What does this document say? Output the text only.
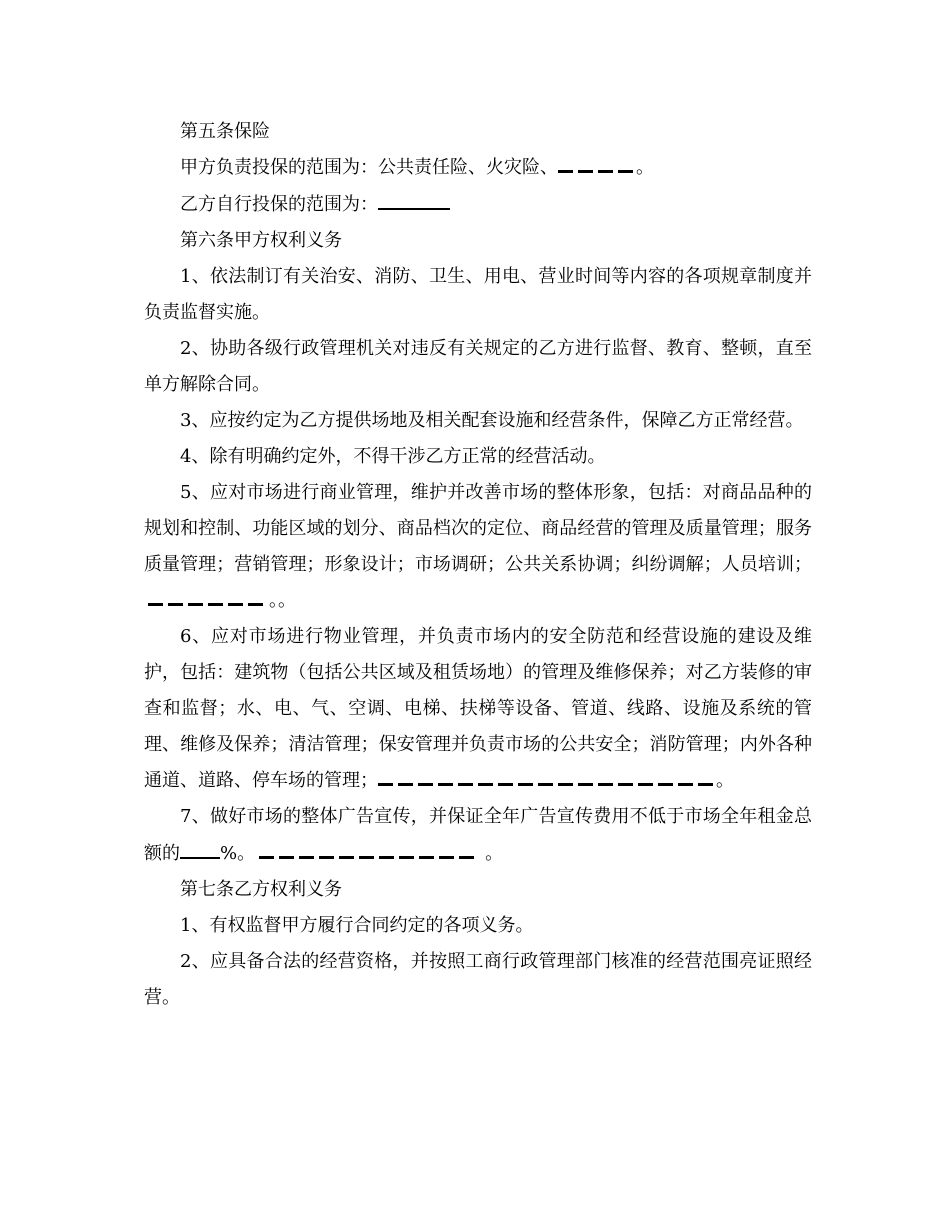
第五条保险

甲方负责投保的范围为：公共责任险、火灾险、	。

乙方自行投保的范围为：

第六条甲方权利义务

1、依法制订有关治安、消防、卫生、用电、营业时间等内容的各项规章制度并负责监督实施。

2、协助各级行政管理机关对违反有关规定的乙方进行监督、教育、整顿，直至单方解除合同。

3、应按约定为乙方提供场地及相关配套设施和经营条件，保障乙方正常经营。

4、除有明确约定外，不得干涉乙方正常的经营活动。

5、应对市场进行商业管理，维护并改善市场的整体形象，包括：对商品品种的规划和控制、功能区域的划分、商品档次的定位、商品经营的管理及质量管理；服务质量管理；营销管理；形象设计；市场调研；公共关系协调；纠纷调解；人员培训；。。

6、应对市场进行物业管理，并负责市场内的安全防范和经营设施的建设及维护，包括：建筑物（包括公共区域及租赁场地）的管理及维修保养；对乙方装修的审查和监督；水、电、气、空调、电梯、扶梯等设备、管道、线路、设施及系统的管理、维修及保养；清洁管理；保安管理并负责市场的公共安全；消防管理；内外各种通道、道路、停车场的管理；	。

7、做好市场的整体广告宣传，并保证全年广告宣传费用不低于市场全年租金总额的 %。	。

第七条乙方权利义务

1、有权监督甲方履行合同约定的各项义务。

2、应具备合法的经营资格，并按照工商行政管理部门核准的经营范围亮证照经营。
